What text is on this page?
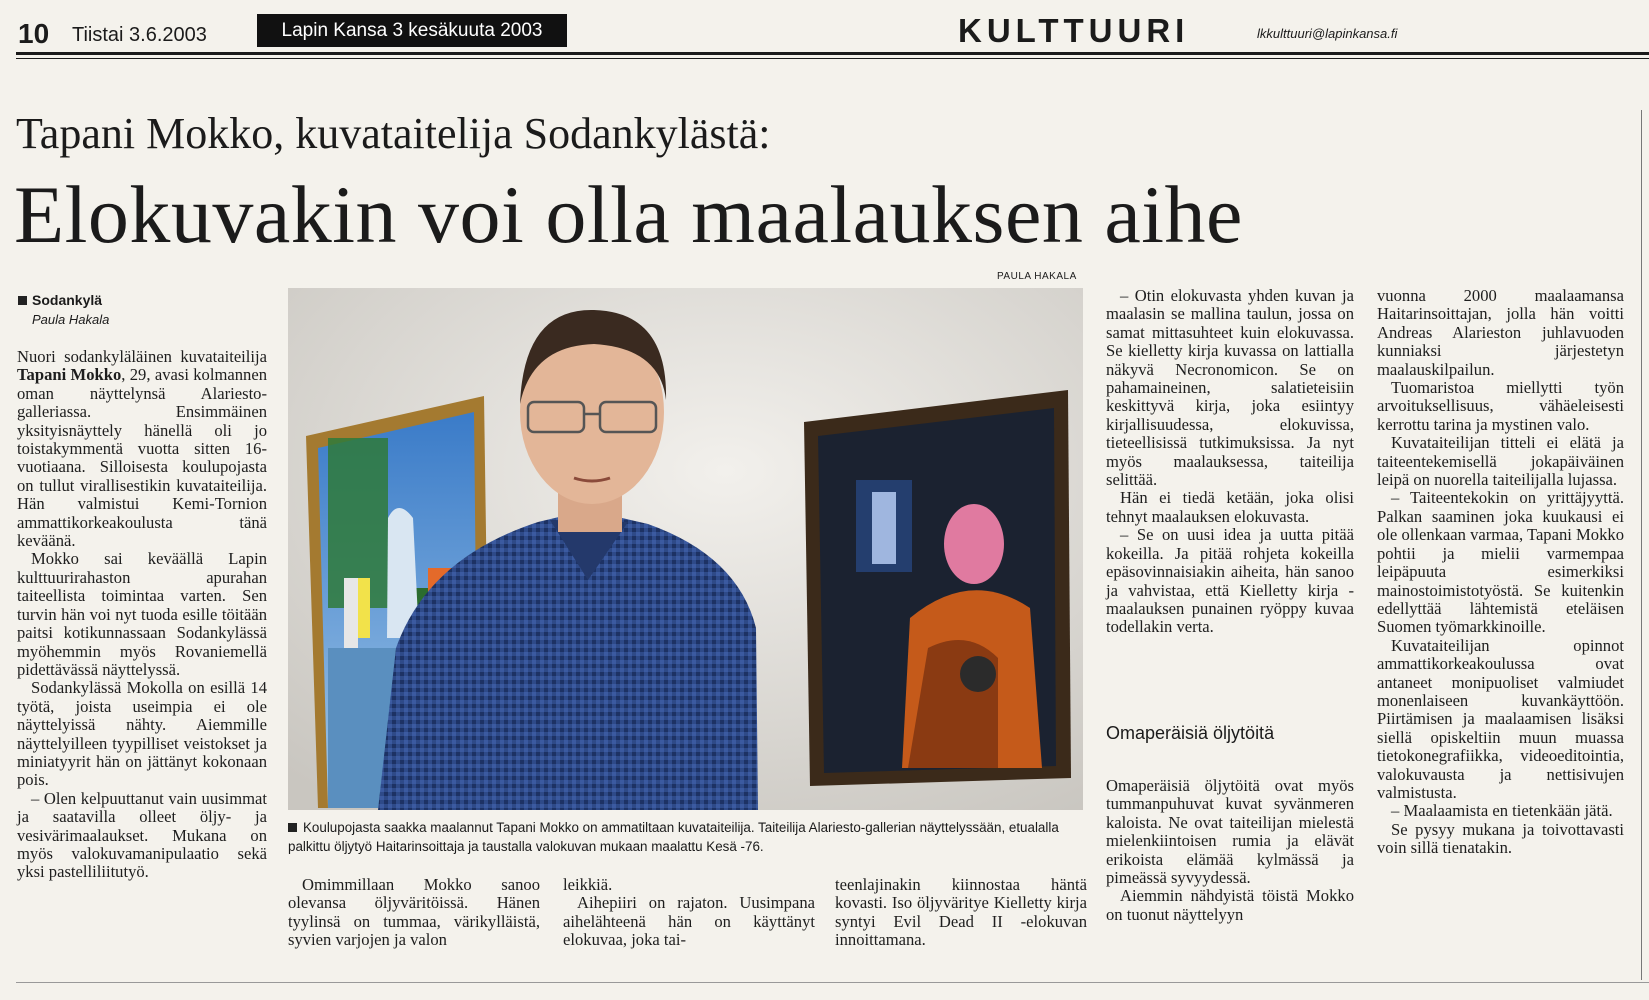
10 Tiistai 3.6.2003	Lapin Kansa 3 kesäkuuta 2003	KULTTUURI	lkkulttuuri@lapinkansa.fi
Tapani Mokko, kuvataitelija Sodankylästä:
Elokuvakin voi olla maalauksen aihe
Sodankylä
Paula Hakala

Nuori sodankyläläinen kuvataiteilija Tapani Mokko, 29, avasi kolmannen oman näyttelynsä Alariesto-galleriassa. Ensimmäinen yksityisnäyttely hänellä oli jo toistakymmentä vuotta sitten 16-vuotiaana. Silloisesta koulupojasta on tullut virallisestikin kuvataiteilija. Hän valmistui Kemi-Tornion ammattikorkeakoulusta tänä keväänä.

Mokko sai keväällä Lapin kulttuurirahaston apurahan taiteellista toimintaa varten. Sen turvin hän voi nyt tuoda esille töitään paitsi kotikunnassaan Sodankylässä myöhemmin myös Rovaniemellä pidettävässä näyttelyssä.

Sodankylässä Mokolla on esillä 14 työtä, joista useimpia ei ole näyttelyissä nähty. Aiemmille näyttelyilleen tyypilliset veistokset ja miniatyyrit hän on jättänyt kokonaan pois.

– Olen kelpuuttanut vain uusimmat ja saatavilla olleet öljy- ja vesivärimaalaukset. Mukana on myös valokuvamanipulaatio sekä yksi pastelliliitutyö.

PAULA HAKALA
Koulupojasta saakka maalannut Tapani Mokko on ammatiltaan kuvataiteilija. Taiteilija Alariesto-gallerian näyttelyssään, etualalla palkittu öljytyö Haitarinsoittaja ja taustalla valokuvan mukaan maalattu Kesä -76.

Omimmillaan Mokko sanoo olevansa öljyväritöissä. Hänen tyylinsä on tummaa, värikylläistä, syvien varjojen ja valon

leikkiä.

Aihepiiri on rajaton. Uusimpana aihelähteenä hän on käyttänyt elokuvaa, joka tai-

teenlajinakin kiinnostaa häntä kovasti. Iso öljyväritye Kielletty kirja syntyi Evil Dead II -elokuvan innoittamana.

– Otin elokuvasta yhden kuvan ja maalasin se mallina taulun, jossa on samat mittasuhteet kuin elokuvassa. Se kielletty kirja kuvassa on lattialla näkyvä Necronomicon. Se on pahamaineinen, salatieteisiin keskittyvä kirja, joka esiintyy kirjallisuudessa, elokuvissa, tieteellisissä tutkimuksissa. Ja nyt myös maalauksessa, taiteilija selittää.

Hän ei tiedä ketään, joka olisi tehnyt maalauksen elokuvasta.

– Se on uusi idea ja uutta pitää kokeilla. Ja pitää rohjeta kokeilla epäsovinnaisiakin aiheita, hän sanoo ja vahvistaa, että Kielletty kirja -maalauksen punainen ryöppy kuvaa todellakin verta.

Omaperäisiä öljytöitä

Omaperäisiä öljytöitä ovat myös tummanpuhuvat kuvat syvänmeren kaloista. Ne ovat taiteilijan mielestä mielenkiintoisen rumia ja elävät erikoista elämää kylmässä ja pimeässä syvyydessä.

Aiemmin nähdyistä töistä Mokko on tuonut näyttelyyn

vuonna 2000 maalaamansa Haitarinsoittajan, jolla hän voitti Andreas Alarieston juhlavuoden kunniaksi järjestetyn maalauskilpailun.

Tuomaristoa miellytti työn arvoituksellisuus, vähäeleisesti kerrottu tarina ja mystinen valo.

Kuvataiteilijan titteli ei elätä ja taiteentekemisellä jokapäiväinen leipä on nuorella taiteilijalla lujassa.

– Taiteentekokin on yrittäjyyttä. Palkan saaminen joka kuukausi ei ole ollenkaan varmaa, Tapani Mokko pohtii ja mielii varmempaa leipäpuuta esimerkiksi mainostoimistotyöstä. Se kuitenkin edellyttää lähtemistä eteläisen Suomen työmarkkinoille.

Kuvataiteilijan opinnot ammattikorkeakoulussa ovat antaneet monipuoliset valmiudet monenlaiseen kuvankäyttöön. Piirtämisen ja maalaamisen lisäksi siellä opiskeltiin muun muassa tietokonegrafiikka, videoeditointia, valokuvausta ja nettisivujen valmistusta.

– Maalaamista en tietenkään jätä.

Se pysyy mukana ja toivottavasti voin sillä tienatakin.
